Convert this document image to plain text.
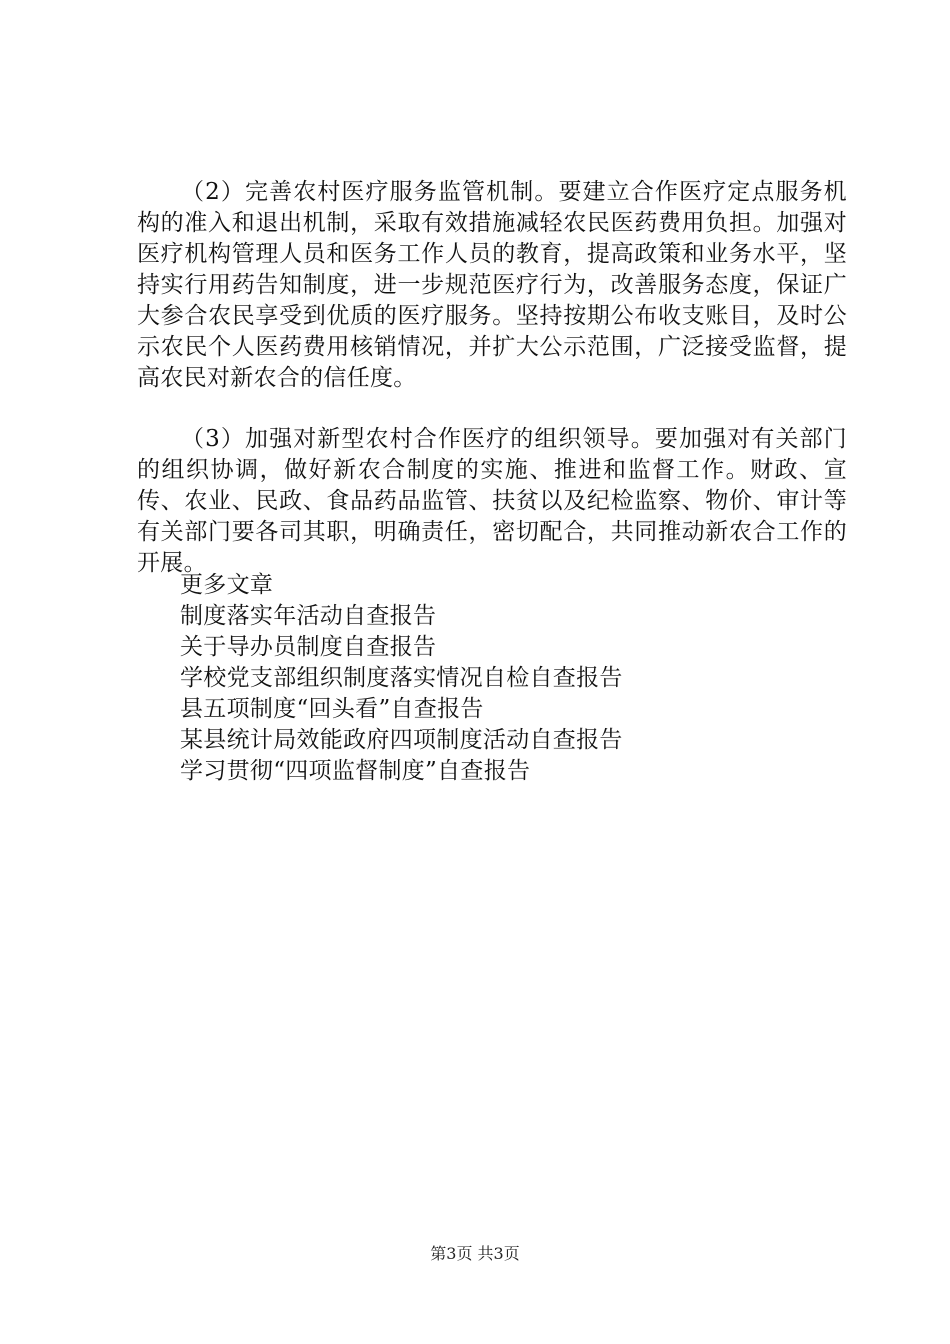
（2）完善农村医疗服务监管机制。要建立合作医疗定点服务机构的准入和退出机制，采取有效措施减轻农民医药费用负担。加强对医疗机构管理人员和医务工作人员的教育，提高政策和业务水平，坚持实行用药告知制度，进一步规范医疗行为，改善服务态度，保证广大参合农民享受到优质的医疗服务。坚持按期公布收支账目，及时公示农民个人医药费用核销情况，并扩大公示范围，广泛接受监督，提高农民对新农合的信任度。

（3）加强对新型农村合作医疗的组织领导。要加强对有关部门的组织协调，做好新农合制度的实施、推进和监督工作。财政、宣传、农业、民政、食品药品监管、扶贫以及纪检监察、物价、审计等有关部门要各司其职，明确责任，密切配合，共同推动新农合工作的开展。

更多文章
制度落实年活动自查报告
关于导办员制度自查报告
学校党支部组织制度落实情况自检自查报告
县五项制度“回头看”自查报告
某县统计局效能政府四项制度活动自查报告
学习贯彻“四项监督制度”自查报告
第3页 共3页
